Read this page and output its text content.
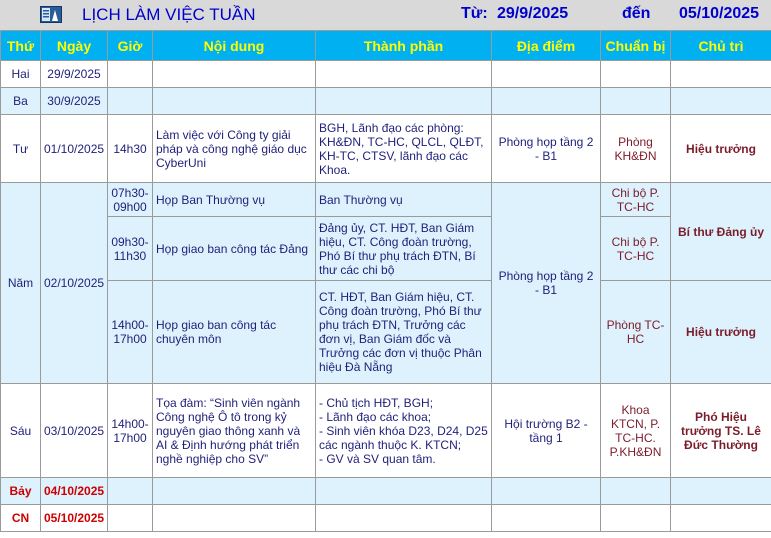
LỊCH LÀM VIỆC TUẦN	Từ: 29/9/2025	đến 05/10/2025
Thứ	Ngày	Giờ	Nội dung	Thành phần	Địa điểm	Chuẩn bị	Chủ trì
Hai	29/9/2025						
Ba	30/9/2025						
Tư	01/10/2025	14h30	Làm việc với Công ty giải pháp và công nghệ giáo dục CyberUni	BGH, Lãnh đạo các phòng: KH&ĐN, TC-HC, QLCL, QLĐT, KH-TC, CTSV, lãnh đạo các Khoa.	Phòng họp tầng 2 - B1	Phòng KH&ĐN	Hiệu trưởng
Năm	02/10/2025	07h30-09h00	Họp Ban Thường vụ	Ban Thường vụ	Phòng họp tầng 2 - B1	Chi bộ P. TC-HC	Bí thư Đảng ủy
		09h30-11h30	Họp giao ban công tác Đảng	Đảng ủy, CT. HĐT, Ban Giám hiệu, CT. Công đoàn trường, Phó Bí thư phụ trách ĐTN, Bí thư các chi bộ		Chi bộ P. TC-HC	
		14h00-17h00	Họp giao ban công tác chuyên môn	CT. HĐT, Ban Giám hiệu, CT. Công đoàn trường, Phó Bí thư phụ trách ĐTN, Trưởng các đơn vị, Ban Giám đốc và Trưởng các đơn vị thuộc Phân hiệu Đà Nẵng		Phòng TC-HC	Hiệu trưởng
Sáu	03/10/2025	14h00-17h00	Tọa đàm: “Sinh viên ngành Công nghệ Ô tô trong kỷ nguyên giao thông xanh và AI & Định hướng phát triển nghề nghiệp cho SV”	- Chủ tịch HĐT, BGH;
- Lãnh đạo các khoa;
- Sinh viên khóa D23, D24, D25 các ngành thuộc K. KTCN;
- GV và SV quan tâm.	Hội trường B2 - tầng 1	Khoa KTCN, P. TC-HC. P.KH&ĐN	Phó Hiệu trưởng TS. Lê Đức Thường
Bảy	04/10/2025						
CN	05/10/2025						
